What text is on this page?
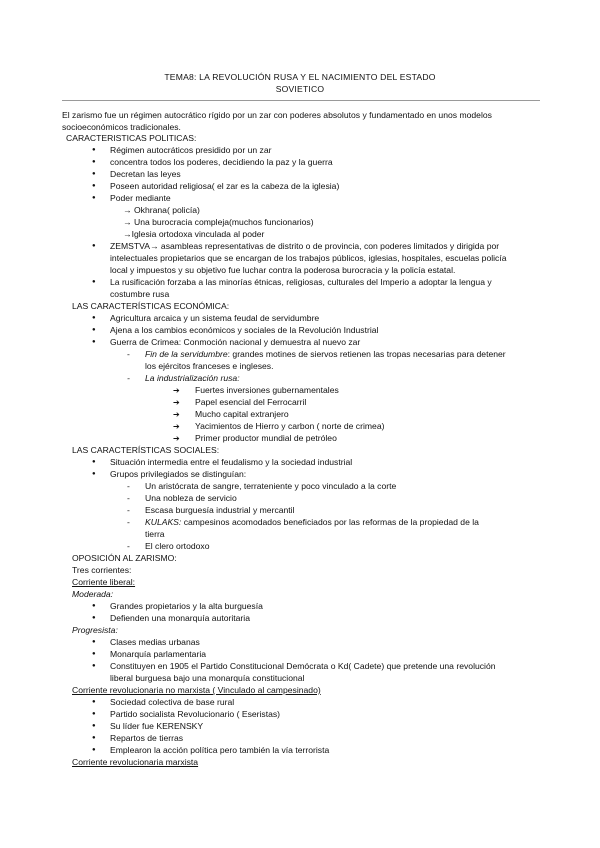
TEMA8: LA REVOLUCIÓN RUSA Y EL NACIMIENTO DEL ESTADO
SOVIETICO
El zarismo fue un régimen autocrático rígido por un zar con poderes absolutos y fundamentado en unos modelos
socioeconómicos tradicionales.
CARACTERISTICAS POLITICAS:
● Régimen autocráticos presidido por un zar
● concentra todos los poderes, decidiendo la paz y la guerra
● Decretan las leyes
● Poseen autoridad religiosa( el zar es la cabeza de la iglesia)
● Poder mediante
→ Okhrana( policía)
→ Una burocracia compleja(muchos funcionarios)
→Iglesia ortodoxa vinculada al poder
● ZEMSTVA→ asambleas representativas de distrito o de provincia, con poderes limitados y dirigida por
intelectuales propietarios que se encargan de los trabajos públicos, iglesias, hospitales, escuelas policía
local y impuestos y su objetivo fue luchar contra la poderosa burocracia y la policía estatal.
● La rusificación forzaba a las minorías étnicas, religiosas, culturales del Imperio a adoptar la lengua y
costumbre rusa
LAS CARACTERÍSTICAS ECONÓMICA:
● Agricultura arcaica y un sistema feudal de servidumbre
● Ajena a los cambios económicos y sociales de la Revolución Industrial
● Guerra de Crimea: Conmoción nacional y demuestra al nuevo zar
- Fin de la servidumbre: grandes motines de siervos retienen las tropas necesarias para detener
los ejércitos franceses e ingleses.
- La industrialización rusa:
➔ Fuertes inversiones gubernamentales
➔ Papel esencial del Ferrocarril
➔ Mucho capital extranjero
➔ Yacimientos de Hierro y carbon ( norte de crimea)
➔ Primer productor mundial de petróleo
LAS CARACTERÍSTICAS SOCIALES:
● Situación intermedia entre el feudalismo y la sociedad industrial
● Grupos privilegiados se distinguían:
- Un aristócrata de sangre, terrateniente y poco vinculado a la corte
- Una nobleza de servicio
- Escasa burguesía industrial y mercantil
- KULAKS: campesinos acomodados beneficiados por las reformas de la propiedad de la
tierra
- El clero ortodoxo
OPOSICIÓN AL ZARISMO:
Tres corrientes:
Corriente liberal:
Moderada:
● Grandes propietarios y la alta burguesía
● Defienden una monarquía autoritaria
Progresista:
● Clases medias urbanas
● Monarquía parlamentaria
● Constituyen en 1905 el Partido Constitucional Demócrata o Kd( Cadete) que pretende una revolución
liberal burguesa bajo una monarquía constitucional
Corriente revolucionaria no marxista ( Vinculado al campesinado)
● Sociedad colectiva de base rural
● Partido socialista Revolucionario ( Eseristas)
● Su líder fue KERENSKY
● Repartos de tierras
● Emplearon la acción política pero también la vía terrorista
Corriente revolucionaria marxista
